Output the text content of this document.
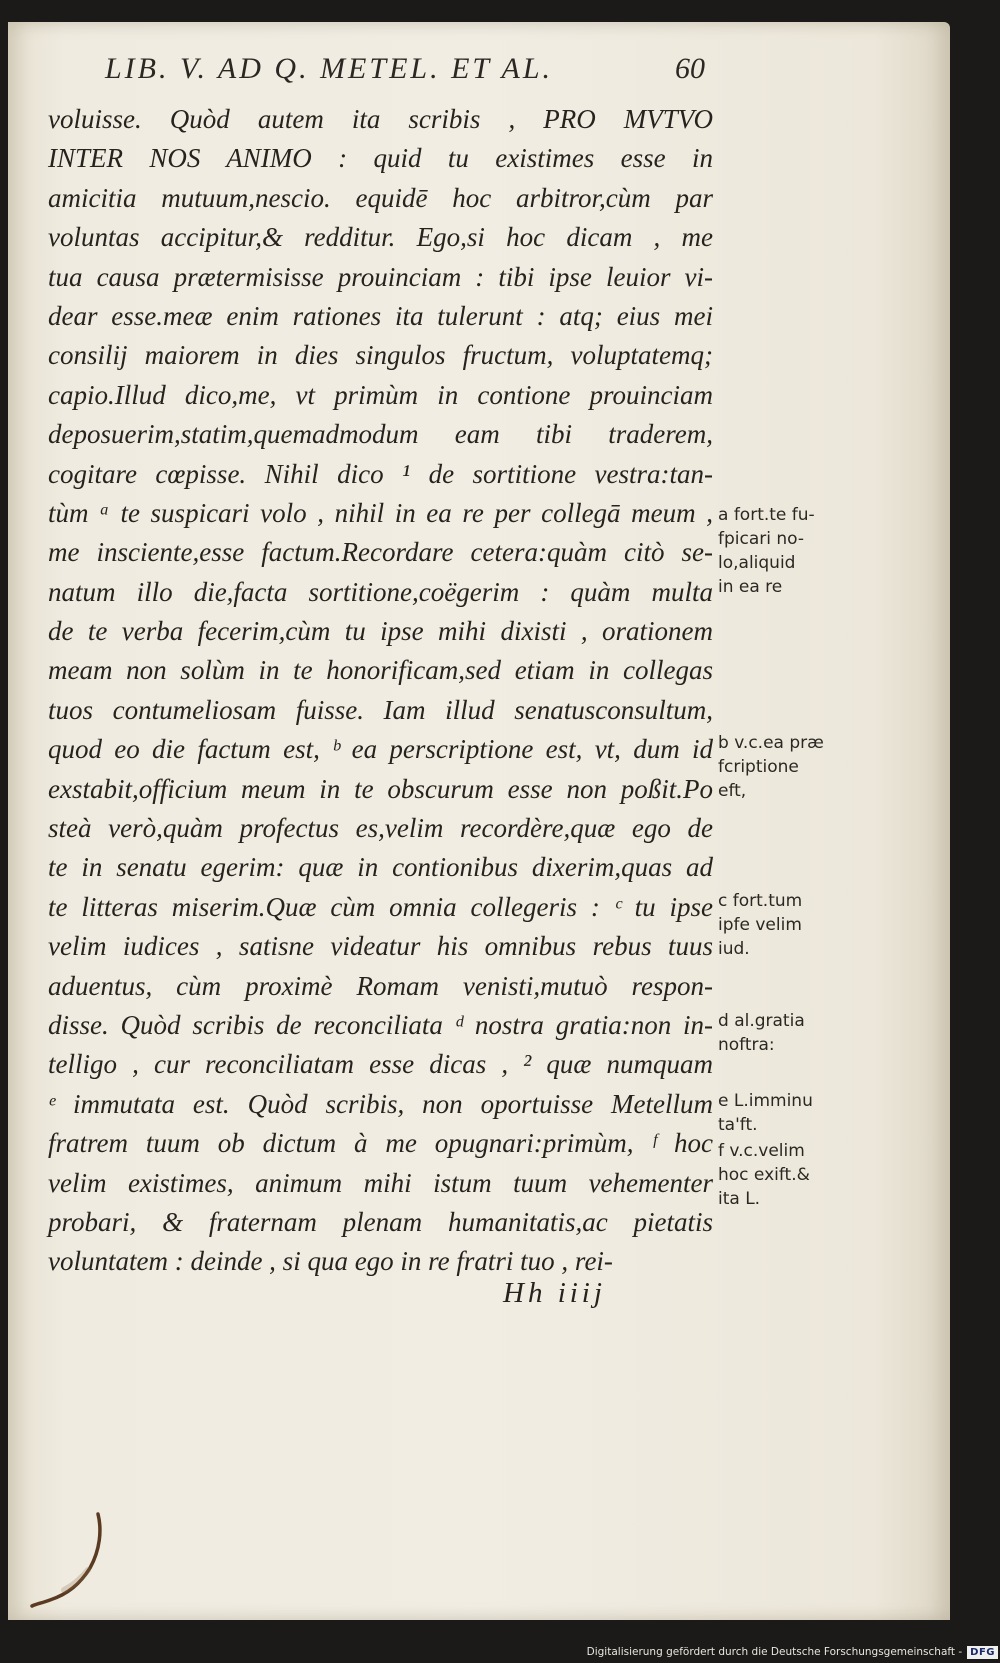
LIB. V. AD Q. METEL. ET AL.	60
voluisse. Quòd autem ita scribis , PRO MVTVO
INTER NOS ANIMO : quid tu existimes esse in
amicitia mutuum,nescio. equidē hoc arbitror,cùm par
voluntas accipitur,& redditur. Ego,si hoc dicam , me
tua causa prætermisisse prouinciam : tibi ipse leuior vi-
dear esse.meæ enim rationes ita tulerunt : atq; eius mei
consilij maiorem in dies singulos fructum, voluptatemq;
capio.Illud dico,me, vt primùm in contione prouinciam
deposuerim,statim,quemadmodum eam tibi traderem,
cogitare cœpisse. Nihil dico ¹ de sortitione vestra:tan-
tùm ᵃ te suspicari volo , nihil in ea re per collegā meum ,
me insciente,esse factum.Recordare cetera:quàm citò se-
natum illo die,facta sortitione,coëgerim : quàm multa
de te verba fecerim,cùm tu ipse mihi dixisti , orationem
meam non solùm in te honorificam,sed etiam in collegas
tuos contumeliosam fuisse. Iam illud senatusconsultum,
quod eo die factum est, ᵇ ea perscriptione est, vt, dum id
exstabit,officium meum in te obscurum esse non poßit.Po
steà verò,quàm profectus es,velim recordère,quæ ego de
te in senatu egerim: quæ in contionibus dixerim,quas ad
te litteras miserim.Quæ cùm omnia collegeris : ᶜ tu ipse
velim iudices , satisne videatur his omnibus rebus tuus
aduentus, cùm proximè Romam venisti,mutuò respon-
disse. Quòd scribis de reconciliata ᵈ nostra gratia:non in-
telligo , cur reconciliatam esse dicas , ² quæ numquam
ᵉ immutata est. Quòd scribis, non oportuisse Metellum
fratrem tuum ob dictum à me opugnari:primùm, ᶠ hoc
velim existimes, animum mihi istum tuum vehementer
probari, & fraternam plenam humanitatis,ac pietatis
voluntatem : deinde , si qua ego in re fratri tuo , rei-
a fort.te fu-
fpicari no-
lo,aliquid
in ea re
b v.c.ea præ
fcriptione
eft,
c fort.tum
ipfe velim
iud.
d al.gratia
noftra:
e L.imminu
ta'ft.
f v.c.velim
hoc exift.&
ita L.
Hh iiij
Digitalisierung gefördert durch die Deutsche Forschungsgemeinschaft - DFG
